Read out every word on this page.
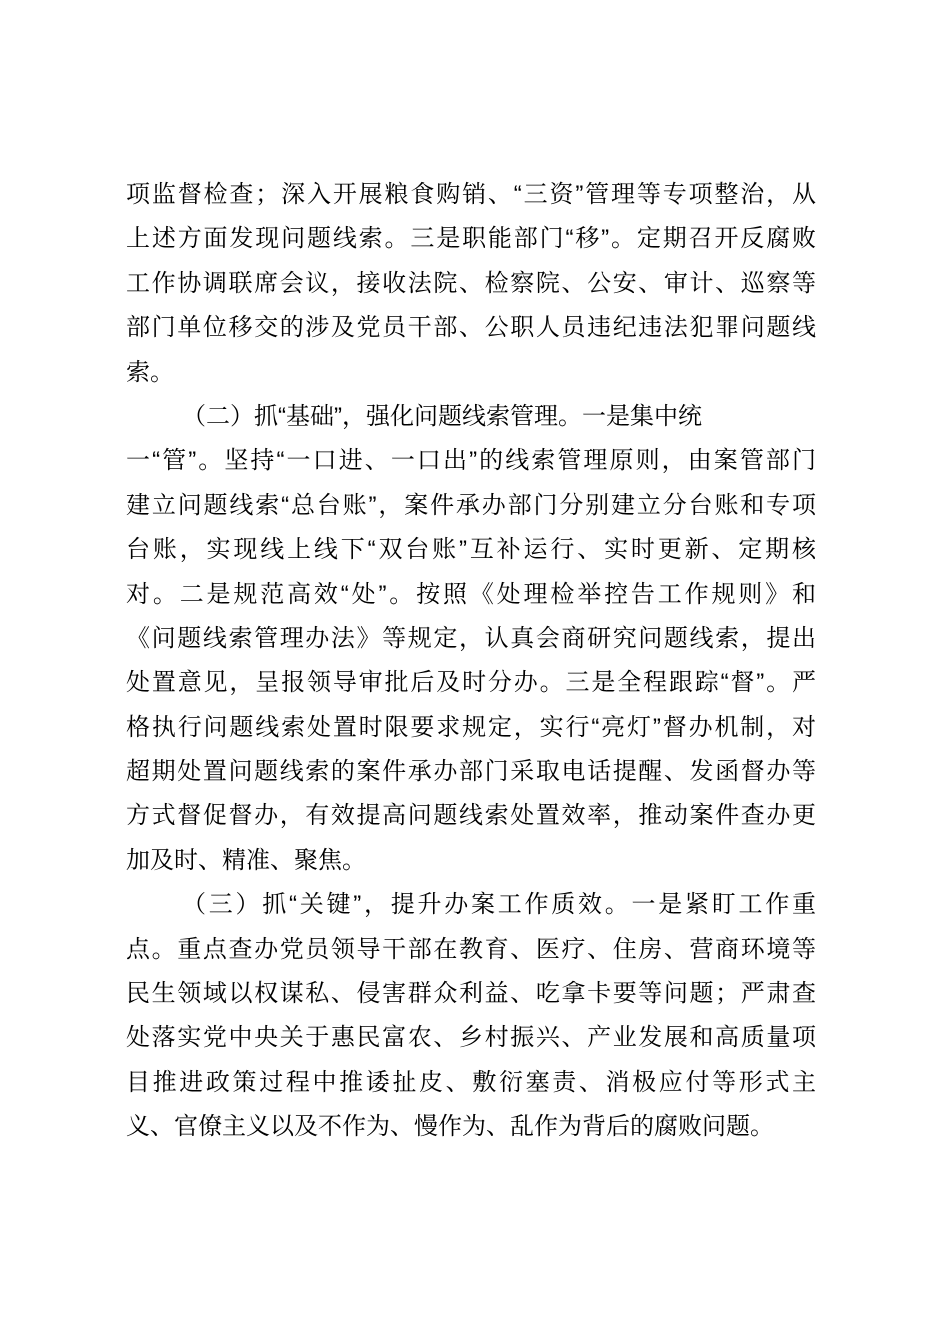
项监督检查；深入开展粮食购销、“三资”管理等专项整治，从
上述方面发现问题线索。三是职能部门“移”。定期召开反腐败
工作协调联席会议，接收法院、检察院、公安、审计、巡察等
部门单位移交的涉及党员干部、公职人员违纪违法犯罪问题线
索。
（二）抓“基础”，强化问题线索管理。一是集中统
一“管”。坚持“一口进、一口出”的线索管理原则，由案管部门
建立问题线索“总台账”，案件承办部门分别建立分台账和专项
台账，实现线上线下“双台账”互补运行、实时更新、定期核
对。二是规范高效“处”。按照《处理检举控告工作规则》和
《问题线索管理办法》等规定，认真会商研究问题线索，提出
处置意见，呈报领导审批后及时分办。三是全程跟踪“督”。严
格执行问题线索处置时限要求规定，实行“亮灯”督办机制，对
超期处置问题线索的案件承办部门采取电话提醒、发函督办等
方式督促督办，有效提高问题线索处置效率，推动案件查办更
加及时、精准、聚焦。
（三）抓“关键”，提升办案工作质效。一是紧盯工作重
点。重点查办党员领导干部在教育、医疗、住房、营商环境等
民生领域以权谋私、侵害群众利益、吃拿卡要等问题；严肃查
处落实党中央关于惠民富农、乡村振兴、产业发展和高质量项
目推进政策过程中推诿扯皮、敷衍塞责、消极应付等形式主
义、官僚主义以及不作为、慢作为、乱作为背后的腐败问题。
